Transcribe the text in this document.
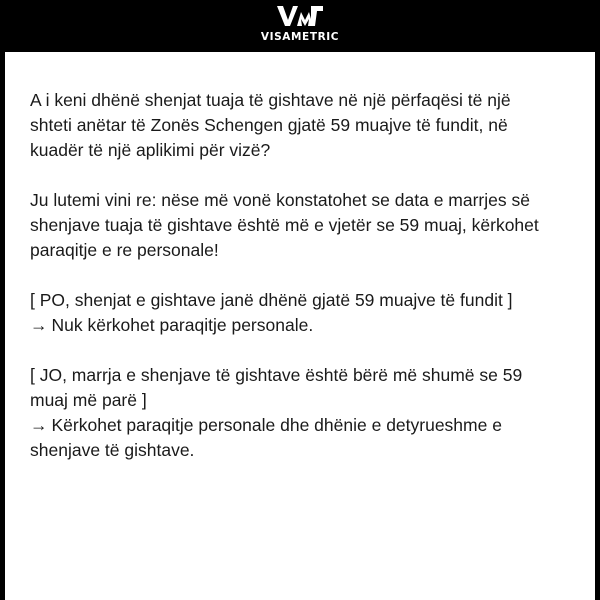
VISAMETRIC

A i keni dhënë shenjat tuaja të gishtave në një përfaqësi të një shteti anëtar të Zonës Schengen gjatë 59 muajve të fundit, në kuadër të një aplikimi për vizë?

Ju lutemi vini re: nëse më vonë konstatohet se data e marrjes së shenjave tuaja të gishtave është më e vjetër se 59 muaj, kërkohet paraqitje e re personale!

[ PO, shenjat e gishtave janë dhënë gjatë 59 muajve të fundit ]
→ Nuk kërkohet paraqitje personale.

[ JO, marrja e shenjave të gishtave është bërë më shumë se 59 muaj më parë ]
→ Kërkohet paraqitje personale dhe dhënie e detyrueshme e shenjave të gishtave.
